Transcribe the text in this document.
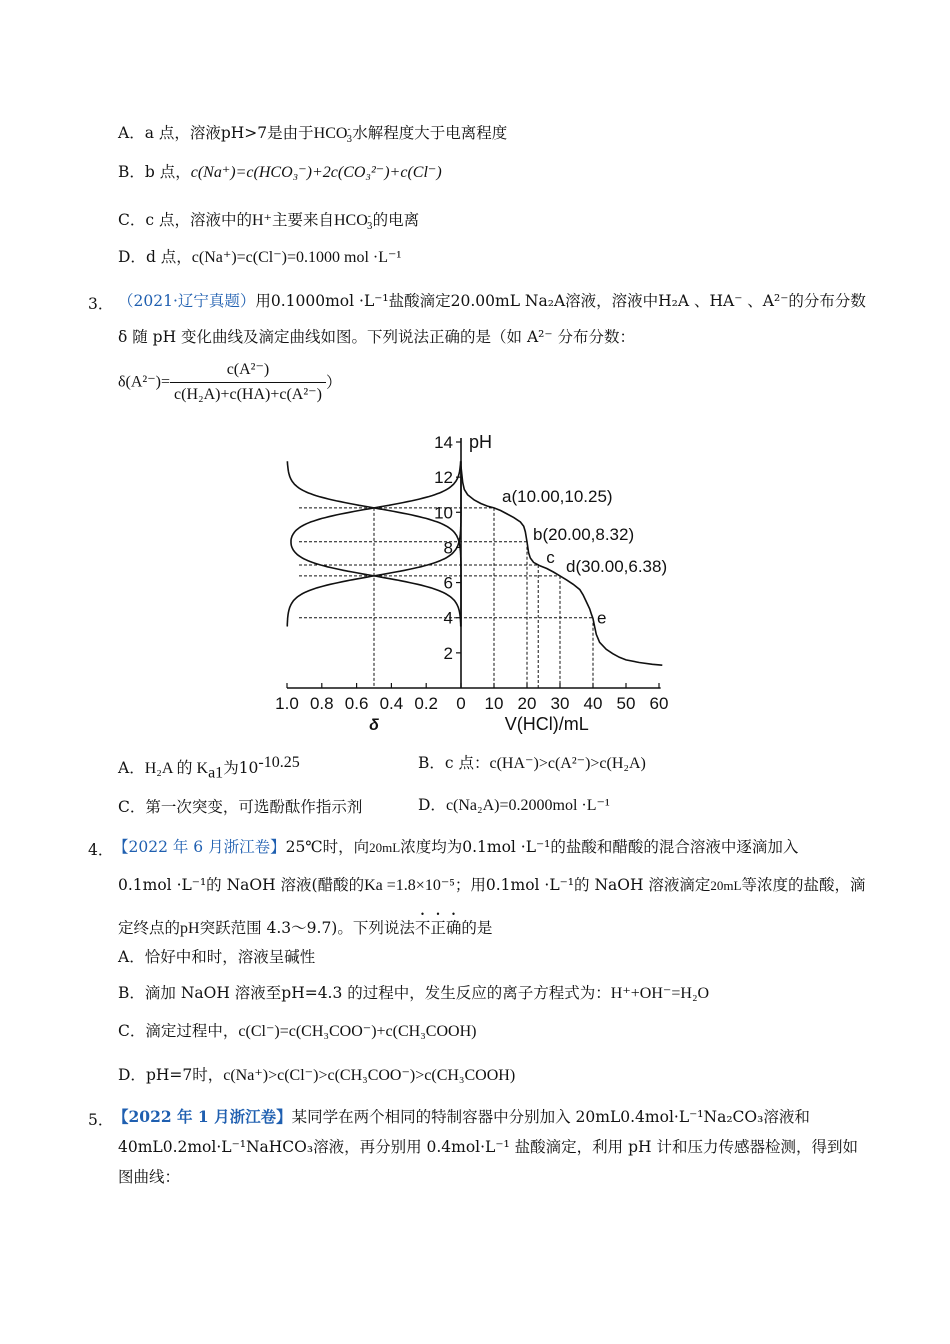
A．a 点，溶液pH>7是由于$HCO^-_3$水解程度大于电离程度
B．b 点，c(Na⁺)=c(HCO₃⁻)+2c(CO₃²⁻)+c(Cl⁻)
C．c 点，溶液中的H⁺主要来自$HCO^-_3$的电离
D．d 点，c(Na⁺)=c(Cl⁻)=0.1000 mol ·L⁻¹
3． （2021·辽宁真题）用0.1000mol ·L⁻¹盐酸滴定20.00mL Na₂A溶液，溶液中H₂A 、HA⁻ 、A²⁻的分布分数
δ 随 pH 变化曲线及滴定曲线如图。下列说法正确的是（如 A²⁻ 分布分数：
$\delta(A^{2-})= \frac{\text{c(A²⁻)}}{\text{c(H₂A)+c(HA)+c(A²⁻)}}$ ）
2
4
6
8
10
12
14 pH
1.0 0.8 0.6 0.4 0.2 0 10 20 30 40 50 60
δ	V(HCl)/mL
a(10.00,10.25)
b(20.00,8.32)
c d(30.00,6.38)
e
A．H₂A 的 $K_{a1}$为$10^{-10.25}$	B．c 点：c(HA⁻)>c(A²⁻)>c(H₂A)
C．第一次突变，可选酚酞作指示剂	D．c(Na₂A)=0.2000mol ·L⁻¹
4． 【2022 年 6 月浙江卷】25℃时，向20mL浓度均为0.1mol ·L⁻¹的盐酸和醋酸的混合溶液中逐滴加入
0.1mol ·L⁻¹的 NaOH 溶液(醋酸的Ka =1.8×10⁻⁵；用0.1mol ·L⁻¹的 NaOH 溶液滴定20mL等浓度的盐酸，滴
定终点的pH突跃范围 4.3～9.7)。下列说法不正确的是
A．恰好中和时，溶液呈碱性
B．滴加 NaOH 溶液至pH=4.3 的过程中，发生反应的离子方程式为：H⁺+OH⁻=H₂O
C．滴定过程中，c(Cl⁻)=c(CH₃COO⁻)+c(CH₃COOH)
D．pH=7时，c(Na⁺)>c(Cl⁻)>c(CH₃COO⁻)>c(CH₃COOH)
5． 【2022 年 1 月浙江卷】某同学在两个相同的特制容器中分别加入 20mL0.4mol·L⁻¹Na₂CO₃溶液和
40mL0.2mol·L⁻¹NaHCO₃溶液，再分别用 0.4mol·L⁻¹ 盐酸滴定，利用 pH 计和压力传感器检测，得到如
图曲线：
